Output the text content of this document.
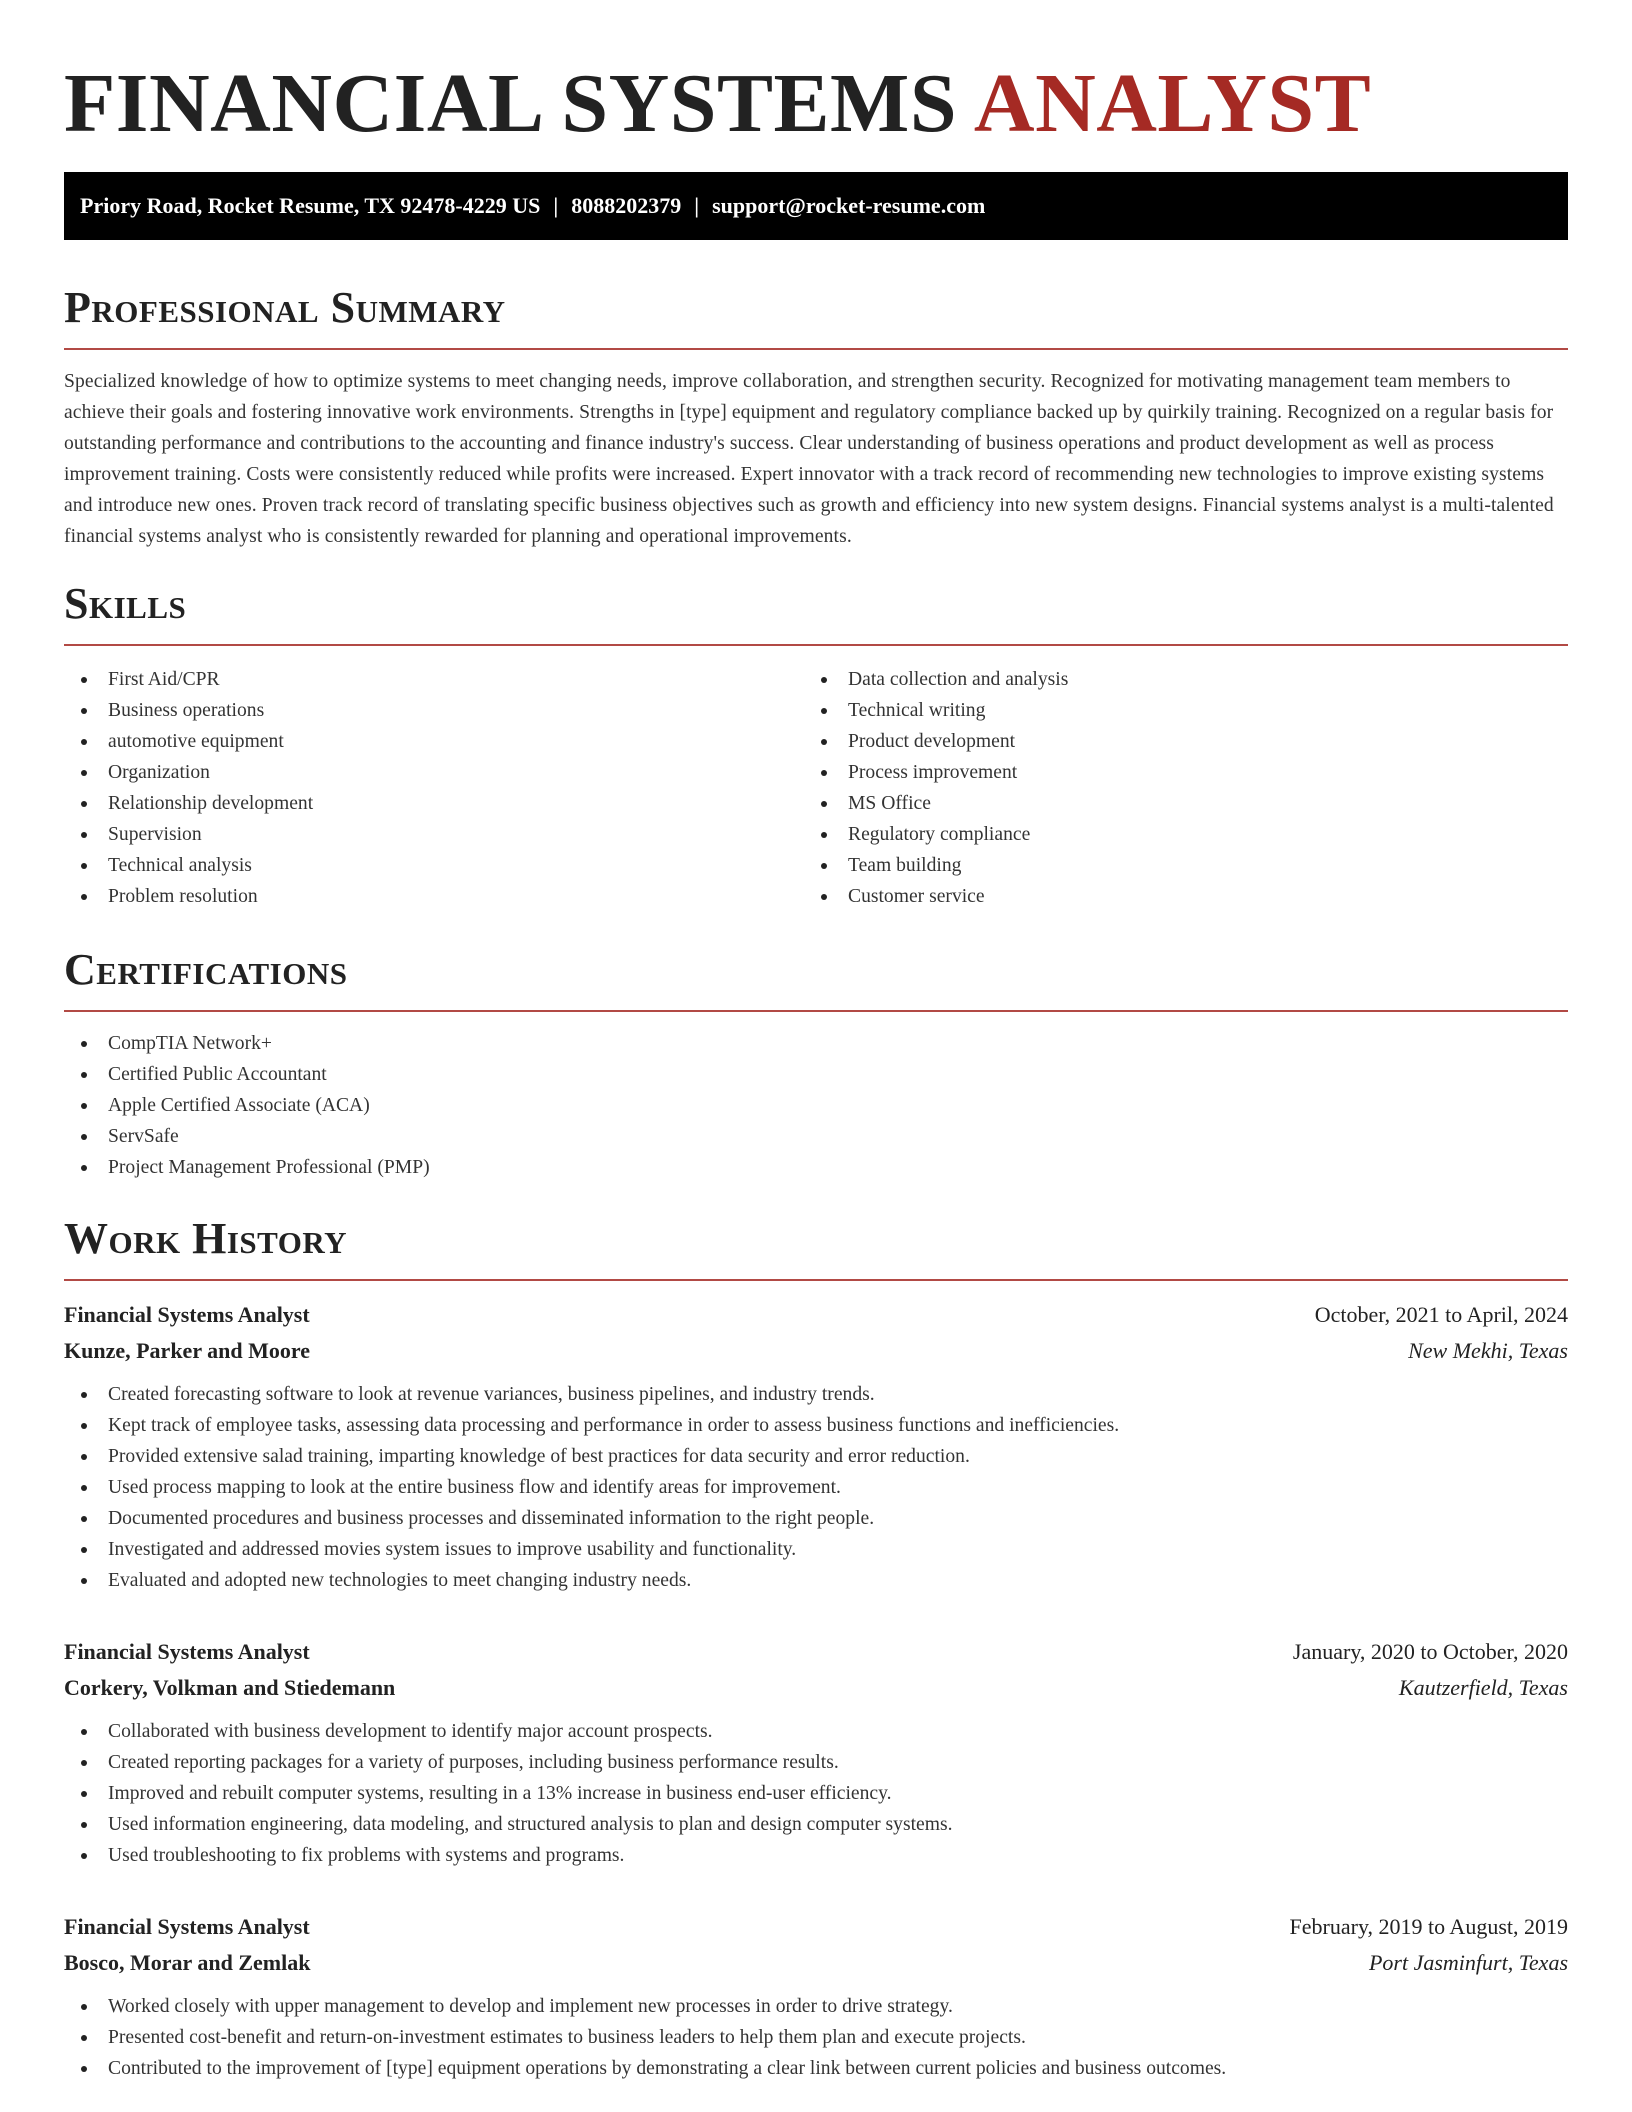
FINANCIAL SYSTEMS ANALYST
Priory Road, Rocket Resume, TX 92478-4229 US | 8088202379 | support@rocket-resume.com
Professional Summary

Specialized knowledge of how to optimize systems to meet changing needs, improve collaboration, and strengthen security. Recognized for motivating management team members to achieve their goals and fostering innovative work environments. Strengths in [type] equipment and regulatory compliance backed up by quirkily training. Recognized on a regular basis for outstanding performance and contributions to the accounting and finance industry's success. Clear understanding of business operations and product development as well as process improvement training. Costs were consistently reduced while profits were increased. Expert innovator with a track record of recommending new technologies to improve existing systems and introduce new ones. Proven track record of translating specific business objectives such as growth and efficiency into new system designs. Financial systems analyst is a multi-talented financial systems analyst who is consistently rewarded for planning and operational improvements.

Skills
First Aid/CPR
Business operations
automotive equipment
Organization
Relationship development
Supervision
Technical analysis
Problem resolution
Data collection and analysis
Technical writing
Product development
Process improvement
MS Office
Regulatory compliance
Team building
Customer service
Certifications
CompTIA Network+
Certified Public Accountant
Apple Certified Associate (ACA)
ServSafe
Project Management Professional (PMP)
Work History
Financial Systems Analyst	October, 2021 to April, 2024
Kunze, Parker and Moore	New Mekhi, Texas
Created forecasting software to look at revenue variances, business pipelines, and industry trends.
Kept track of employee tasks, assessing data processing and performance in order to assess business functions and inefficiencies.
Provided extensive salad training, imparting knowledge of best practices for data security and error reduction.
Used process mapping to look at the entire business flow and identify areas for improvement.
Documented procedures and business processes and disseminated information to the right people.
Investigated and addressed movies system issues to improve usability and functionality.
Evaluated and adopted new technologies to meet changing industry needs.
Financial Systems Analyst	January, 2020 to October, 2020
Corkery, Volkman and Stiedemann	Kautzerfield, Texas
Collaborated with business development to identify major account prospects.
Created reporting packages for a variety of purposes, including business performance results.
Improved and rebuilt computer systems, resulting in a 13% increase in business end-user efficiency.
Used information engineering, data modeling, and structured analysis to plan and design computer systems.
Used troubleshooting to fix problems with systems and programs.
Financial Systems Analyst	February, 2019 to August, 2019
Bosco, Morar and Zemlak	Port Jasminfurt, Texas
Worked closely with upper management to develop and implement new processes in order to drive strategy.
Presented cost-benefit and return-on-investment estimates to business leaders to help them plan and execute projects.
Contributed to the improvement of [type] equipment operations by demonstrating a clear link between current policies and business outcomes.
